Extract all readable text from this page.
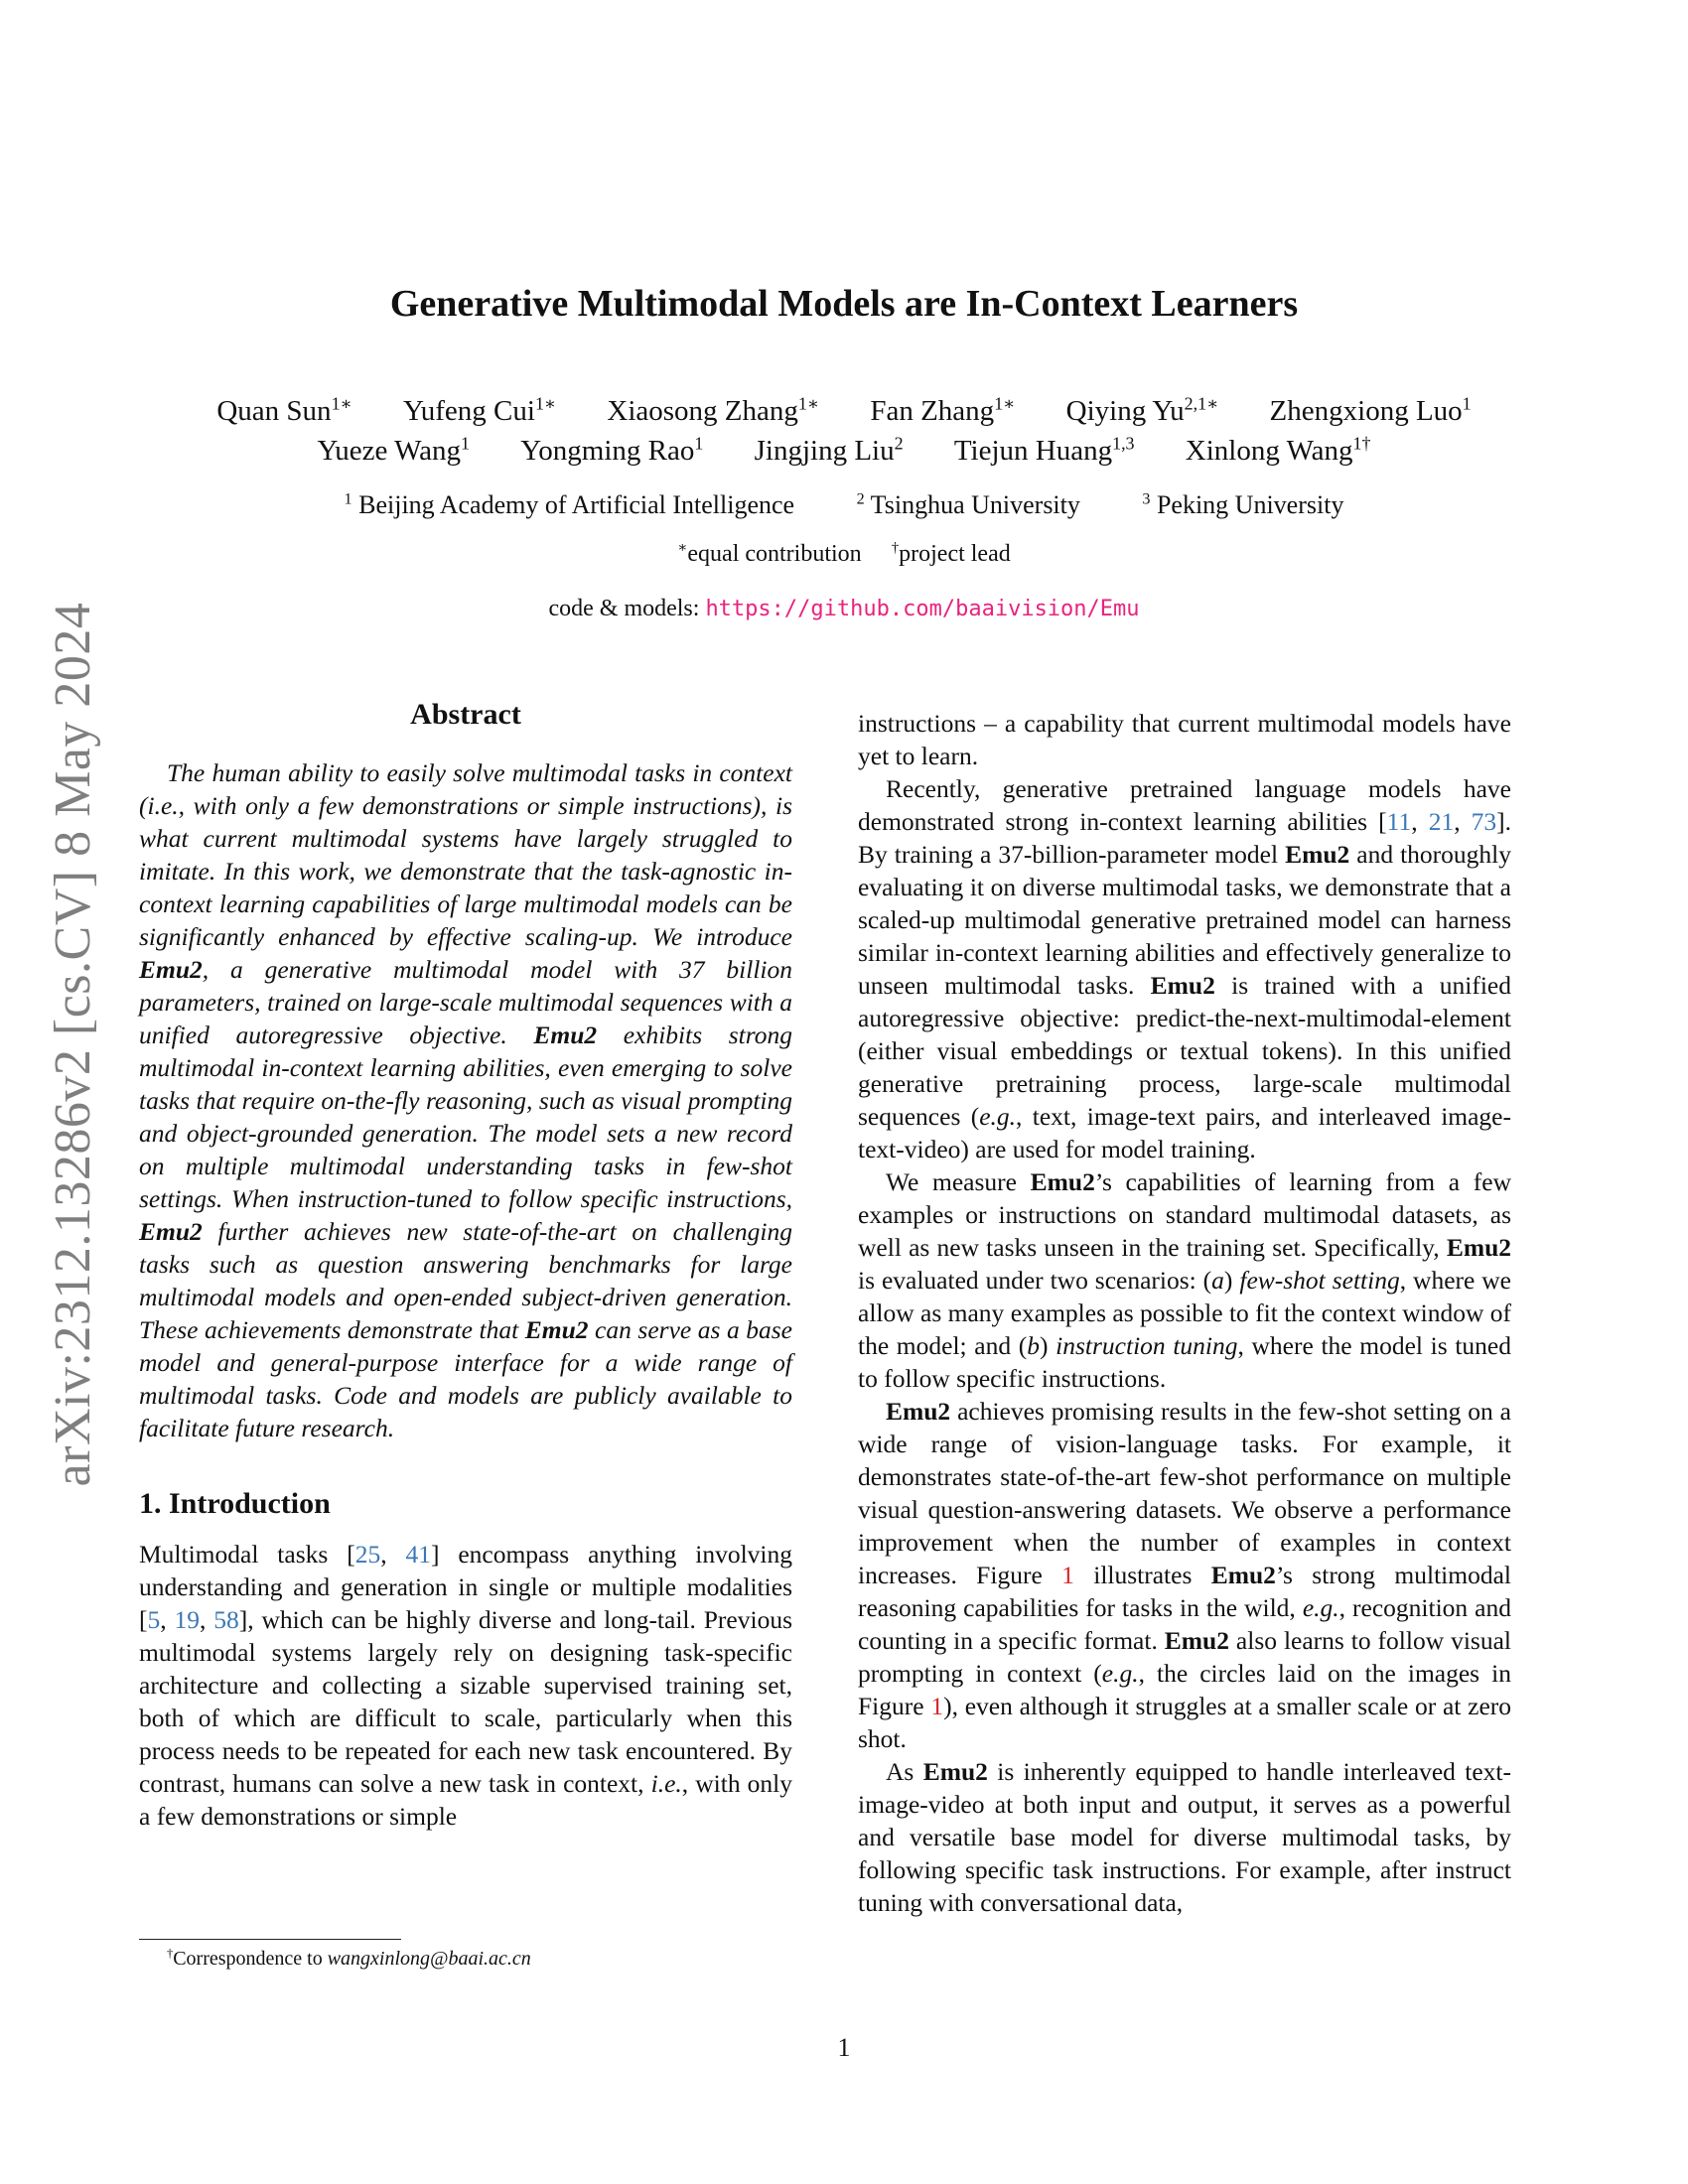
arXiv:2312.13286v2 [cs.CV] 8 May 2024
Generative Multimodal Models are In-Context Learners
Quan Sun$^{1∗}$ Yufeng Cui$^{1∗}$ Xiaosong Zhang$^{1∗}$ Fan Zhang$^{1∗}$ Qiying $Yu^{2,1∗}$ Zhengxiong Luo$^1$
Yueze Wang$^1$ Yongming Rao$^1$ Jingjing Liu$^2$ Tiejun Huang$^{1,3}$ Xinlong Wang$^{1\dagger}$
$^1$ Beijing Academy of Artificial Intelligence	$^2$ Tsinghua University	$^3$ Peking University
∗equal contribution †project lead
code & models: https://github.com/baaivision/Emu
Abstract

The human ability to easily solve multimodal tasks in context (i.e., with only a few demonstrations or simple instructions), is what current multimodal systems have largely struggled to imitate. In this work, we demonstrate that the task-agnostic in-context learning capabilities of large multimodal models can be significantly enhanced by effective scaling-up. We introduce Emu2, a generative multimodal model with 37 billion parameters, trained on large-scale multimodal sequences with a unified autoregressive objective. Emu2 exhibits strong multimodal in-context learning abilities, even emerging to solve tasks that require on-the-fly reasoning, such as visual prompting and object-grounded generation. The model sets a new record on multiple multimodal understanding tasks in few-shot settings. When instruction-tuned to follow specific instructions, Emu2 further achieves new state-of-the-art on challenging tasks such as question answering benchmarks for large multimodal models and open-ended subject-driven generation. These achievements demonstrate that Emu2 can serve as a base model and general-purpose interface for a wide range of multimodal tasks. Code and models are publicly available to facilitate future research.

1. Introduction

Multimodal tasks [25, 41] encompass anything involving understanding and generation in single or multiple modalities [5, 19, 58], which can be highly diverse and long-tail. Previous multimodal systems largely rely on designing task-specific architecture and collecting a sizable supervised training set, both of which are difficult to scale, particularly when this process needs to be repeated for each new task encountered. By contrast, humans can solve a new task in context, i.e., with only a few demonstrations or simple

instructions – a capability that current multimodal models have yet to learn.

Recently, generative pretrained language models have demonstrated strong in-context learning abilities [11, 21, 73]. By training a 37-billion-parameter model Emu2 and thoroughly evaluating it on diverse multimodal tasks, we demonstrate that a scaled-up multimodal generative pretrained model can harness similar in-context learning abilities and effectively generalize to unseen multimodal tasks. Emu2 is trained with a unified autoregressive objective: predict-the-next-multimodal-element (either visual embeddings or textual tokens). In this unified generative pretraining process, large-scale multimodal sequences (e.g., text, image-text pairs, and interleaved image-text-video) are used for model training.

We measure Emu2’s capabilities of learning from a few examples or instructions on standard multimodal datasets, as well as new tasks unseen in the training set. Specifically, Emu2 is evaluated under two scenarios: (a) few-shot setting, where we allow as many examples as possible to fit the context window of the model; and (b) instruction tuning, where the model is tuned to follow specific instructions.

Emu2 achieves promising results in the few-shot setting on a wide range of vision-language tasks. For example, it demonstrates state-of-the-art few-shot performance on multiple visual question-answering datasets. We observe a performance improvement when the number of examples in context increases. Figure 1 illustrates Emu2’s strong multimodal reasoning capabilities for tasks in the wild, e.g., recognition and counting in a specific format. Emu2 also learns to follow visual prompting in context (e.g., the circles laid on the images in Figure 1), even although it struggles at a smaller scale or at zero shot.

As Emu2 is inherently equipped to handle interleaved text-image-video at both input and output, it serves as a powerful and versatile base model for diverse multimodal tasks, by following specific task instructions. For example, after instruct tuning with conversational data,

†Correspondence to wangxinlong@baai.ac.cn
1
